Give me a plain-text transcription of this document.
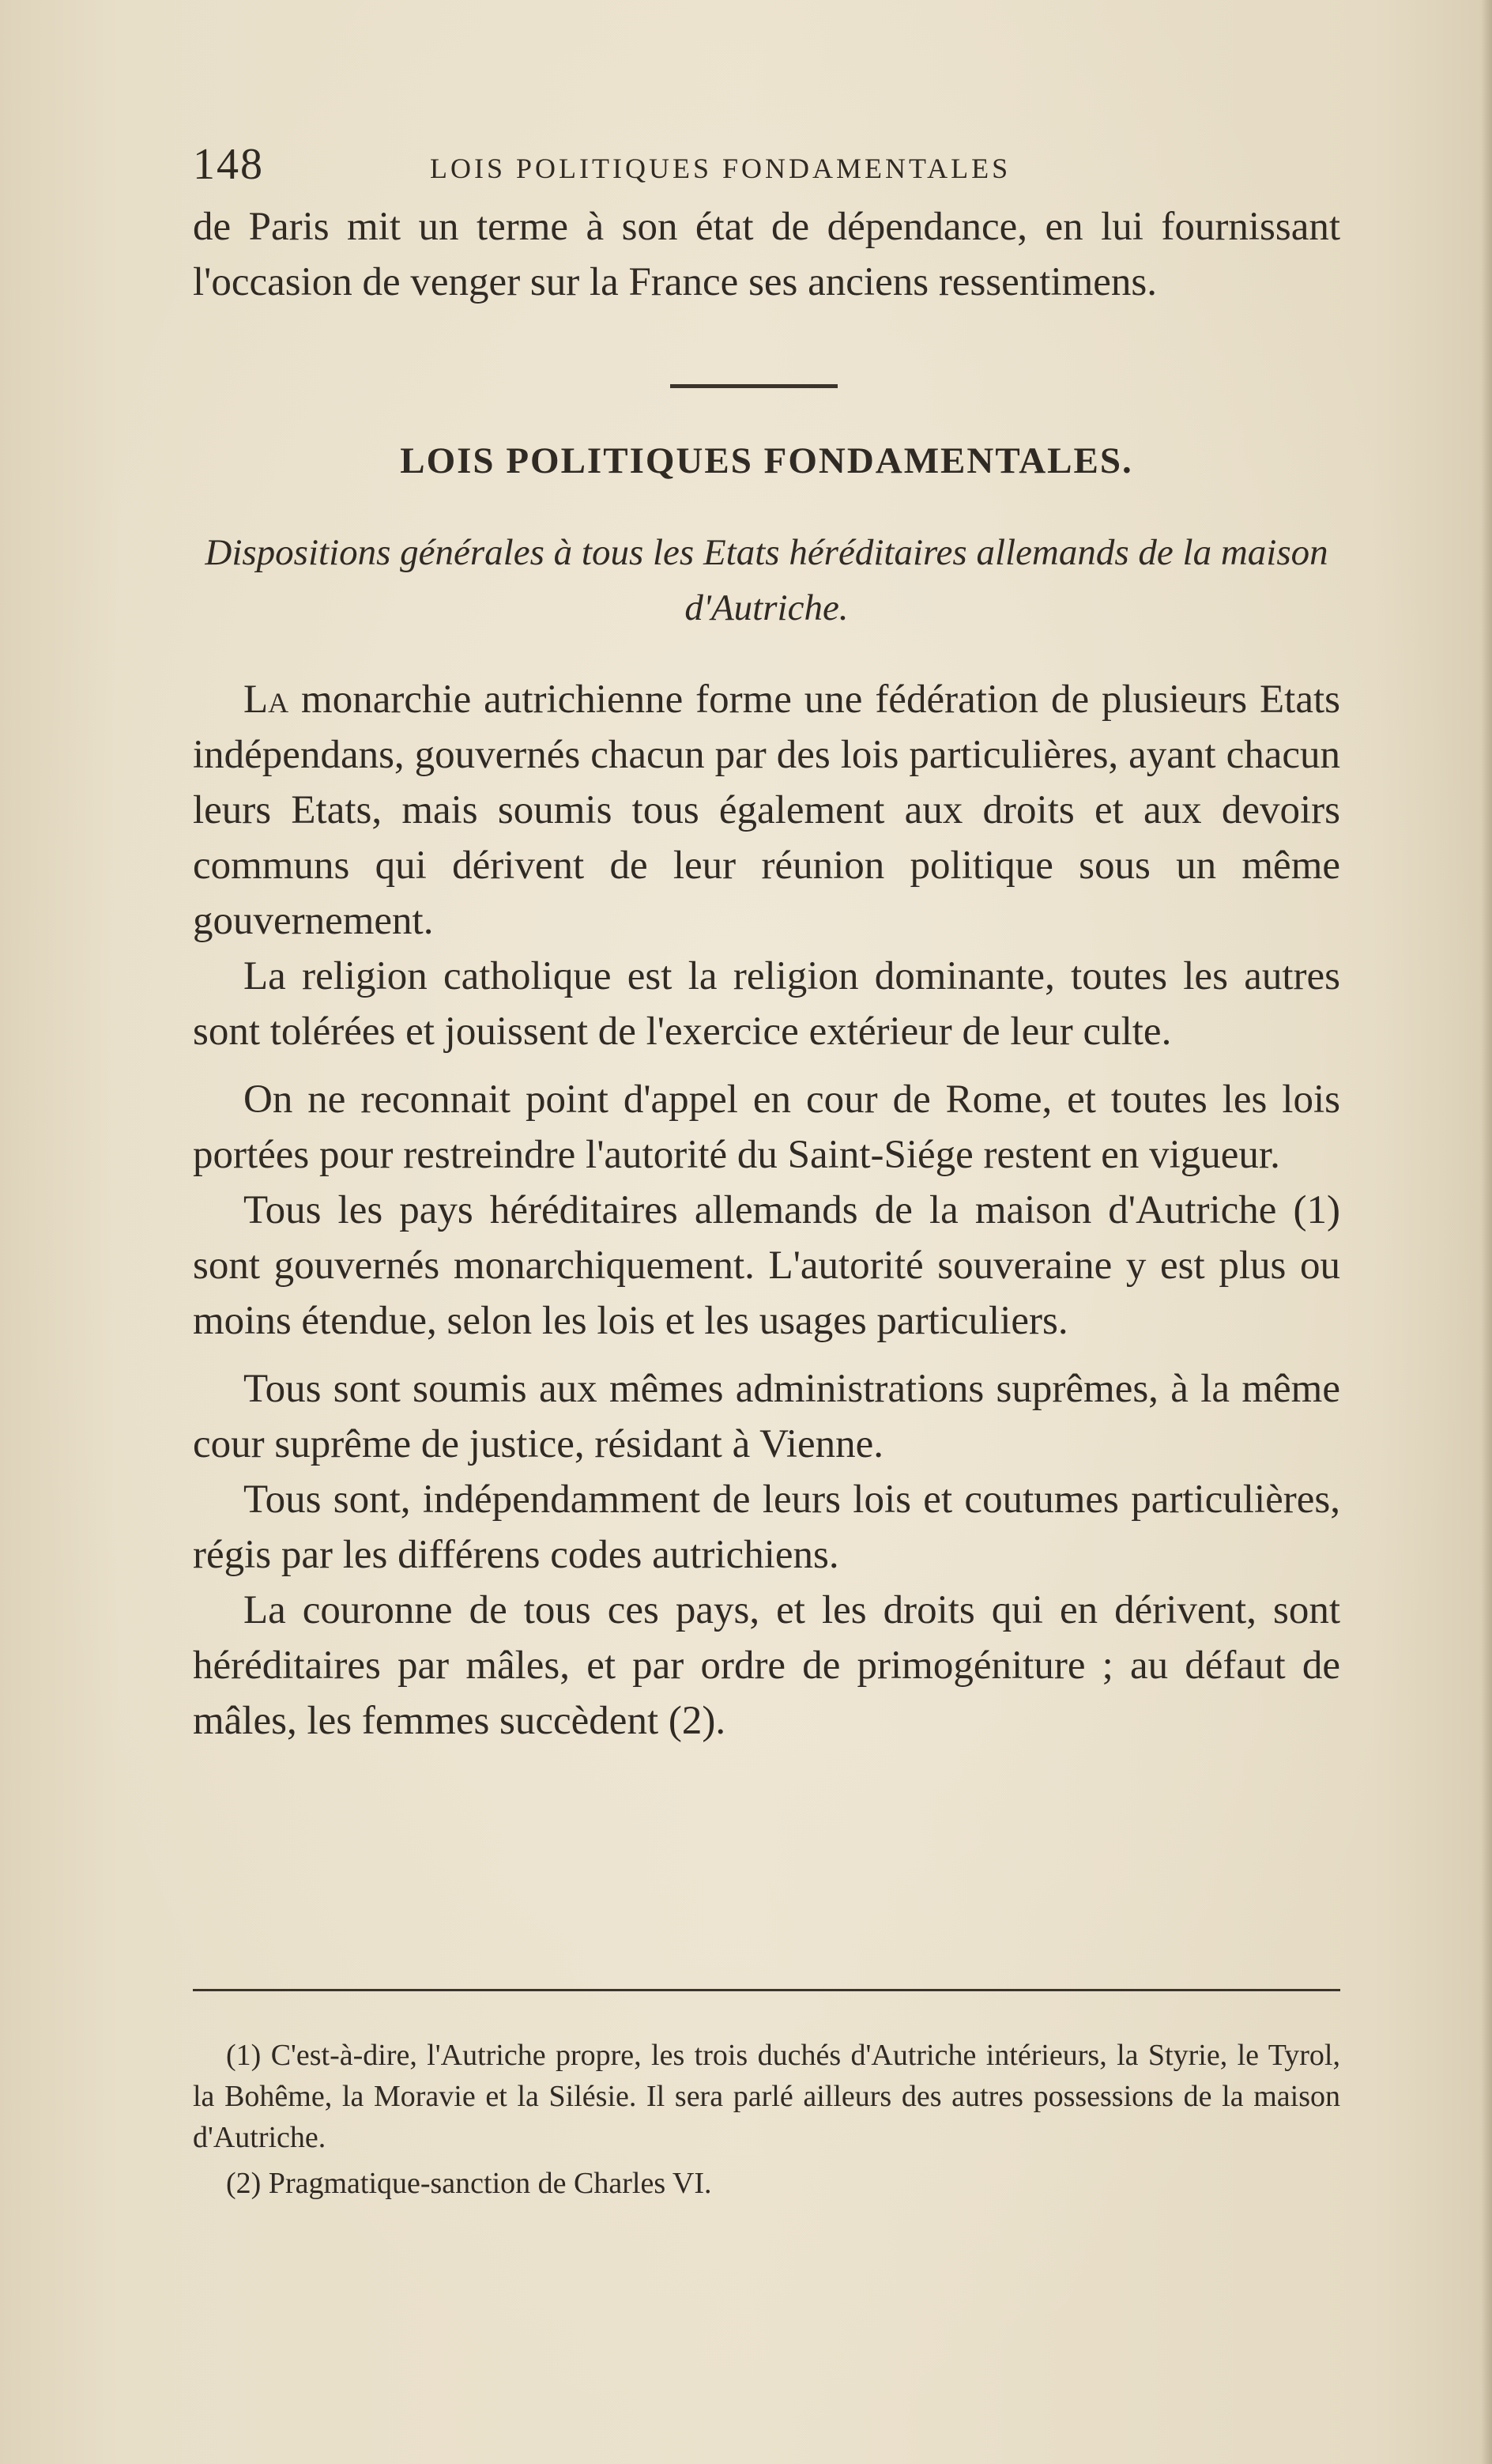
148	LOIS POLITIQUES FONDAMENTALES

de Paris mit un terme à son état de dépendance, en lui fournissant l'occasion de venger sur la France ses anciens ressentimens.

LOIS POLITIQUES FONDAMENTALES.
Dispositions générales à tous les Etats héréditaires allemands de la maison d'Autriche.

La monarchie autrichienne forme une fédération de plusieurs Etats indépendans, gouvernés chacun par des lois particulières, ayant chacun leurs Etats, mais soumis tous également aux droits et aux devoirs communs qui dérivent de leur réunion politique sous un même gouvernement.

La religion catholique est la religion dominante, toutes les autres sont tolérées et jouissent de l'exercice extérieur de leur culte.

On ne reconnait point d'appel en cour de Rome, et toutes les lois portées pour restreindre l'autorité du Saint-Siége restent en vigueur.

Tous les pays héréditaires allemands de la maison d'Autriche (1) sont gouvernés monarchiquement. L'autorité souveraine y est plus ou moins étendue, selon les lois et les usages particuliers.

Tous sont soumis aux mêmes administrations suprêmes, à la même cour suprême de justice, résidant à Vienne.

Tous sont, indépendamment de leurs lois et coutumes particulières, régis par les différens codes autrichiens.

La couronne de tous ces pays, et les droits qui en dérivent, sont héréditaires par mâles, et par ordre de primogéniture ; au défaut de mâles, les femmes succèdent (2).

(1) C'est-à-dire, l'Autriche propre, les trois duchés d'Autriche intérieurs, la Styrie, le Tyrol, la Bohême, la Moravie et la Silésie. Il sera parlé ailleurs des autres possessions de la maison d'Autriche.

(2) Pragmatique-sanction de Charles VI.
